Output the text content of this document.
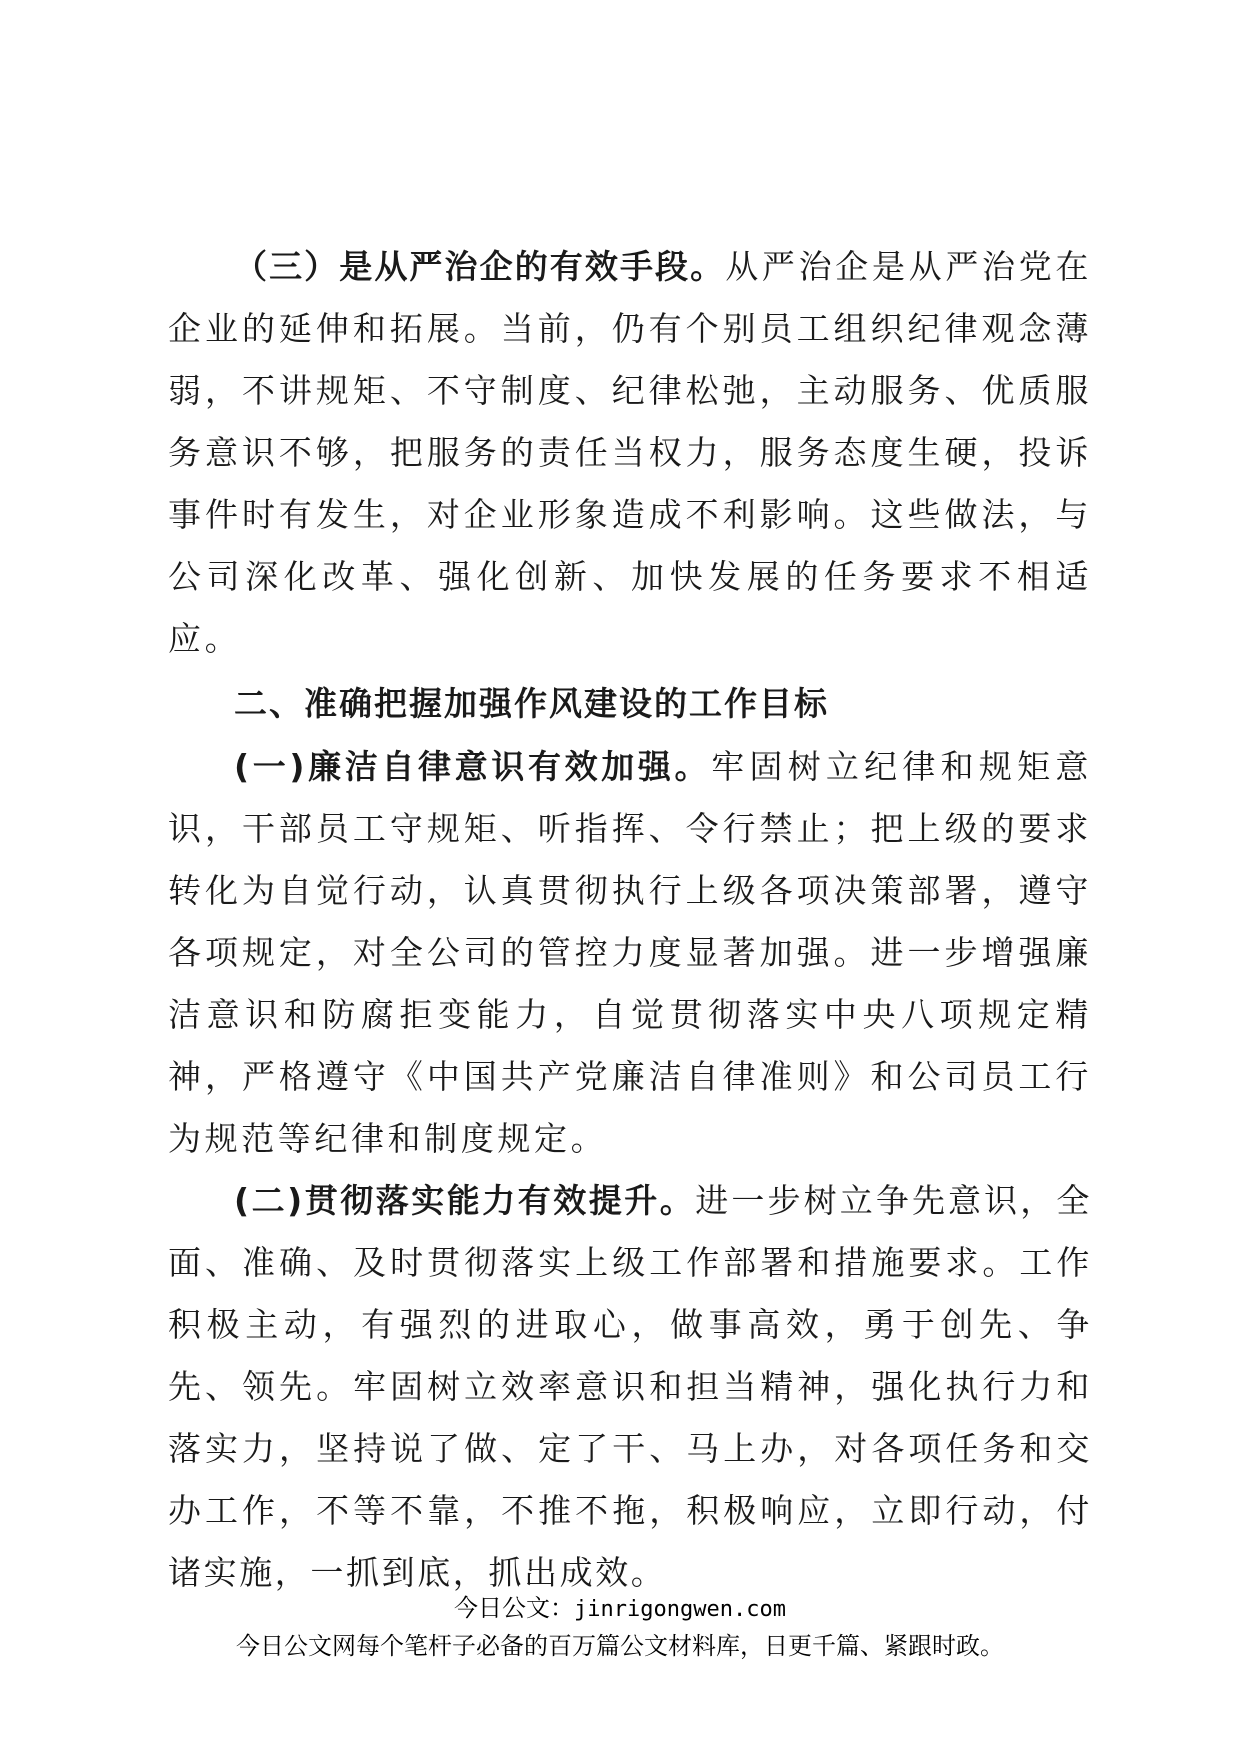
（三）是从严治企的有效手段。从严治企是从严治党在企业的延伸和拓展。当前，仍有个别员工组织纪律观念薄弱，不讲规矩、不守制度、纪律松弛，主动服务、优质服务意识不够，把服务的责任当权力，服务态度生硬，投诉事件时有发生，对企业形象造成不利影响。这些做法，与公司深化改革、强化创新、加快发展的任务要求不相适应。

二、准确把握加强作风建设的工作目标

(一)廉洁自律意识有效加强。牢固树立纪律和规矩意识，干部员工守规矩、听指挥、令行禁止；把上级的要求转化为自觉行动，认真贯彻执行上级各项决策部署，遵守各项规定，对全公司的管控力度显著加强。进一步增强廉洁意识和防腐拒变能力，自觉贯彻落实中央八项规定精神，严格遵守《中国共产党廉洁自律准则》和公司员工行为规范等纪律和制度规定。

(二)贯彻落实能力有效提升。进一步树立争先意识，全面、准确、及时贯彻落实上级工作部署和措施要求。工作积极主动，有强烈的进取心，做事高效，勇于创先、争先、领先。牢固树立效率意识和担当精神，强化执行力和落实力，坚持说了做、定了干、马上办，对各项任务和交办工作，不等不靠，不推不拖，积极响应，立即行动，付诸实施，一抓到底，抓出成效。

今日公文：jinrigongwen.com
今日公文网每个笔杆子必备的百万篇公文材料库，日更千篇、紧跟时政。
